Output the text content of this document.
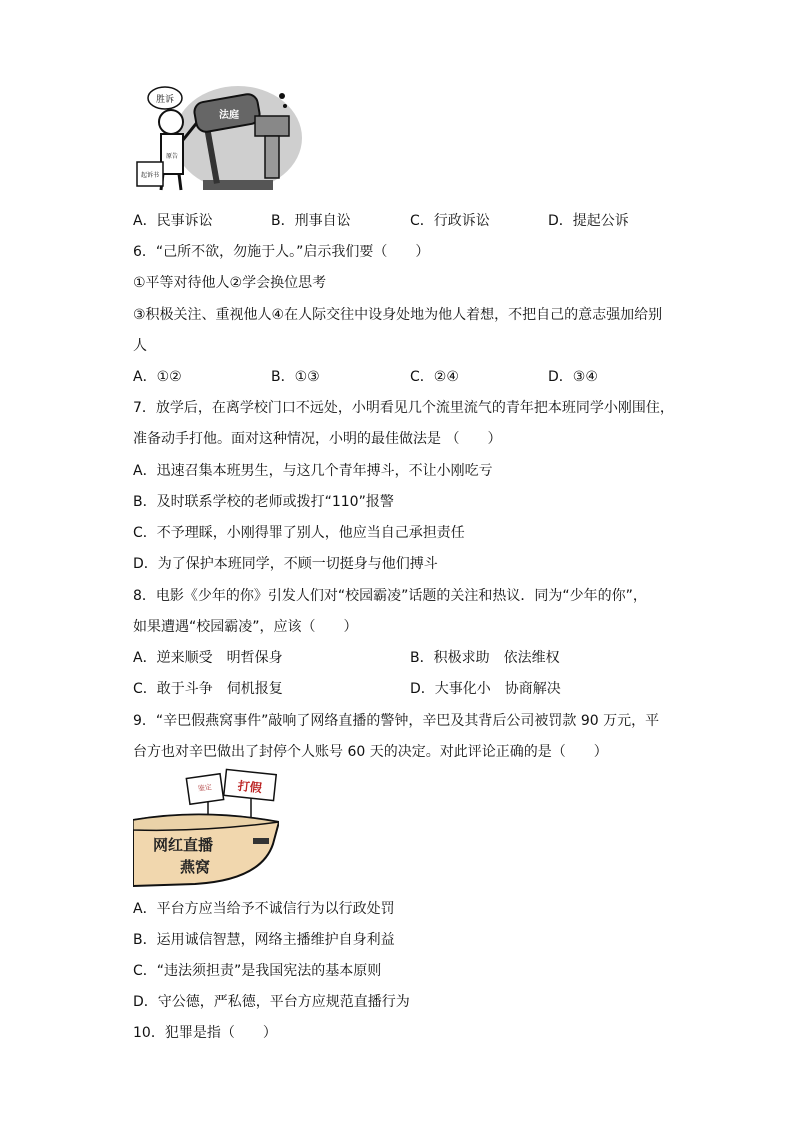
起诉书
原告
胜诉
法庭
A．民事诉讼	B．刑事自讼	C．行政诉讼	D．提起公诉
6．“己所不欲，勿施于人。”启示我们要（　　）
①平等对待他人②学会换位思考
③积极关注、重视他人④在人际交往中设身处地为他人着想，不把自己的意志强加给别
人
A．①②	B．①③	C．②④	D．③④
7．放学后，在离学校门口不远处，小明看见几个流里流气的青年把本班同学小刚围住，
准备动手打他。面对这种情况，小明的最佳做法是 （　　）
A．迅速召集本班男生，与这几个青年搏斗，不让小刚吃亏
B．及时联系学校的老师或拨打“110”报警
C．不予理睬，小刚得罪了别人，他应当自己承担责任
D．为了保护本班同学，不顾一切挺身与他们搏斗
8．电影《少年的你》引发人们对“校园霸凌”话题的关注和热议．同为“少年的你”，
如果遭遇“校园霸凌”，应该（　　）
A．逆来顺受　明哲保身	B．积极求助　依法维权
C．敢于斗争　伺机报复	D．大事化小　协商解决
9．“辛巴假燕窝事件”敲响了网络直播的警钟，辛巴及其背后公司被罚款 90 万元，平
台方也对辛巴做出了封停个人账号 60 天的决定。对此评论正确的是（　　）
鉴定 打假
网红直播
燕窝
A．平台方应当给予不诚信行为以行政处罚
B．运用诚信智慧，网络主播维护自身利益
C．“违法须担责”是我国宪法的基本原则
D．守公德，严私德，平台方应规范直播行为
10．犯罪是指（　　）
